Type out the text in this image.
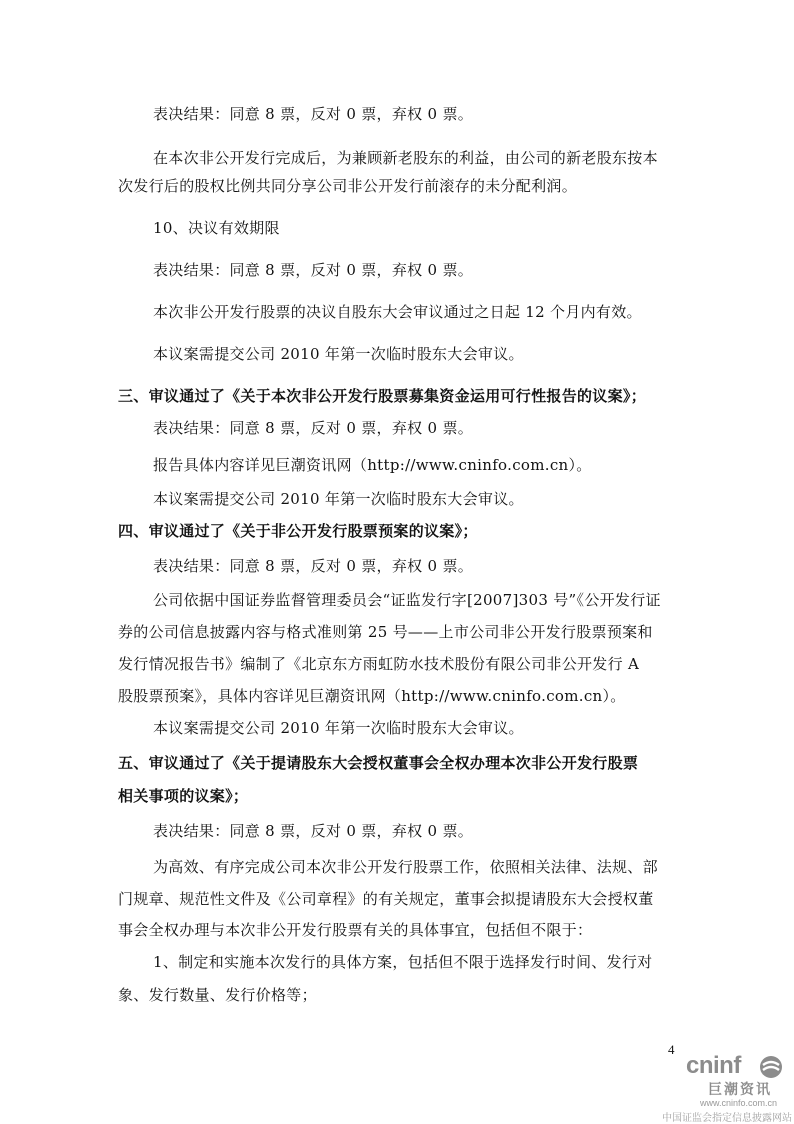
表决结果：同意 8 票，反对 0 票，弃权 0 票。
在本次非公开发行完成后，为兼顾新老股东的利益，由公司的新老股东按本
次发行后的股权比例共同分享公司非公开发行前滚存的未分配利润。
10、决议有效期限
表决结果：同意 8 票，反对 0 票，弃权 0 票。
本次非公开发行股票的决议自股东大会审议通过之日起 12 个月内有效。
本议案需提交公司 2010 年第一次临时股东大会审议。
三、审议通过了《关于本次非公开发行股票募集资金运用可行性报告的议案》；
表决结果：同意 8 票，反对 0 票，弃权 0 票。
报告具体内容详见巨潮资讯网（http://www.cninfo.com.cn）。
本议案需提交公司 2010 年第一次临时股东大会审议。
四、审议通过了《关于非公开发行股票预案的议案》；
表决结果：同意 8 票，反对 0 票，弃权 0 票。
公司依据中国证券监督管理委员会“证监发行字[2007]303 号”《公开发行证
券的公司信息披露内容与格式准则第 25 号——上市公司非公开发行股票预案和
发行情况报告书》编制了《北京东方雨虹防水技术股份有限公司非公开发行 A
股股票预案》，具体内容详见巨潮资讯网（http://www.cninfo.com.cn）。
本议案需提交公司 2010 年第一次临时股东大会审议。
五、审议通过了《关于提请股东大会授权董事会全权办理本次非公开发行股票
相关事项的议案》；
表决结果：同意 8 票，反对 0 票，弃权 0 票。
为高效、有序完成公司本次非公开发行股票工作，依照相关法律、法规、部
门规章、规范性文件及《公司章程》的有关规定，董事会拟提请股东大会授权董
事会全权办理与本次非公开发行股票有关的具体事宜，包括但不限于：
1、制定和实施本次发行的具体方案，包括但不限于选择发行时间、发行对
象、发行数量、发行价格等；
4
cninf
巨潮资讯
www.cninfo.com.cn
中国证监会指定信息披露网站
